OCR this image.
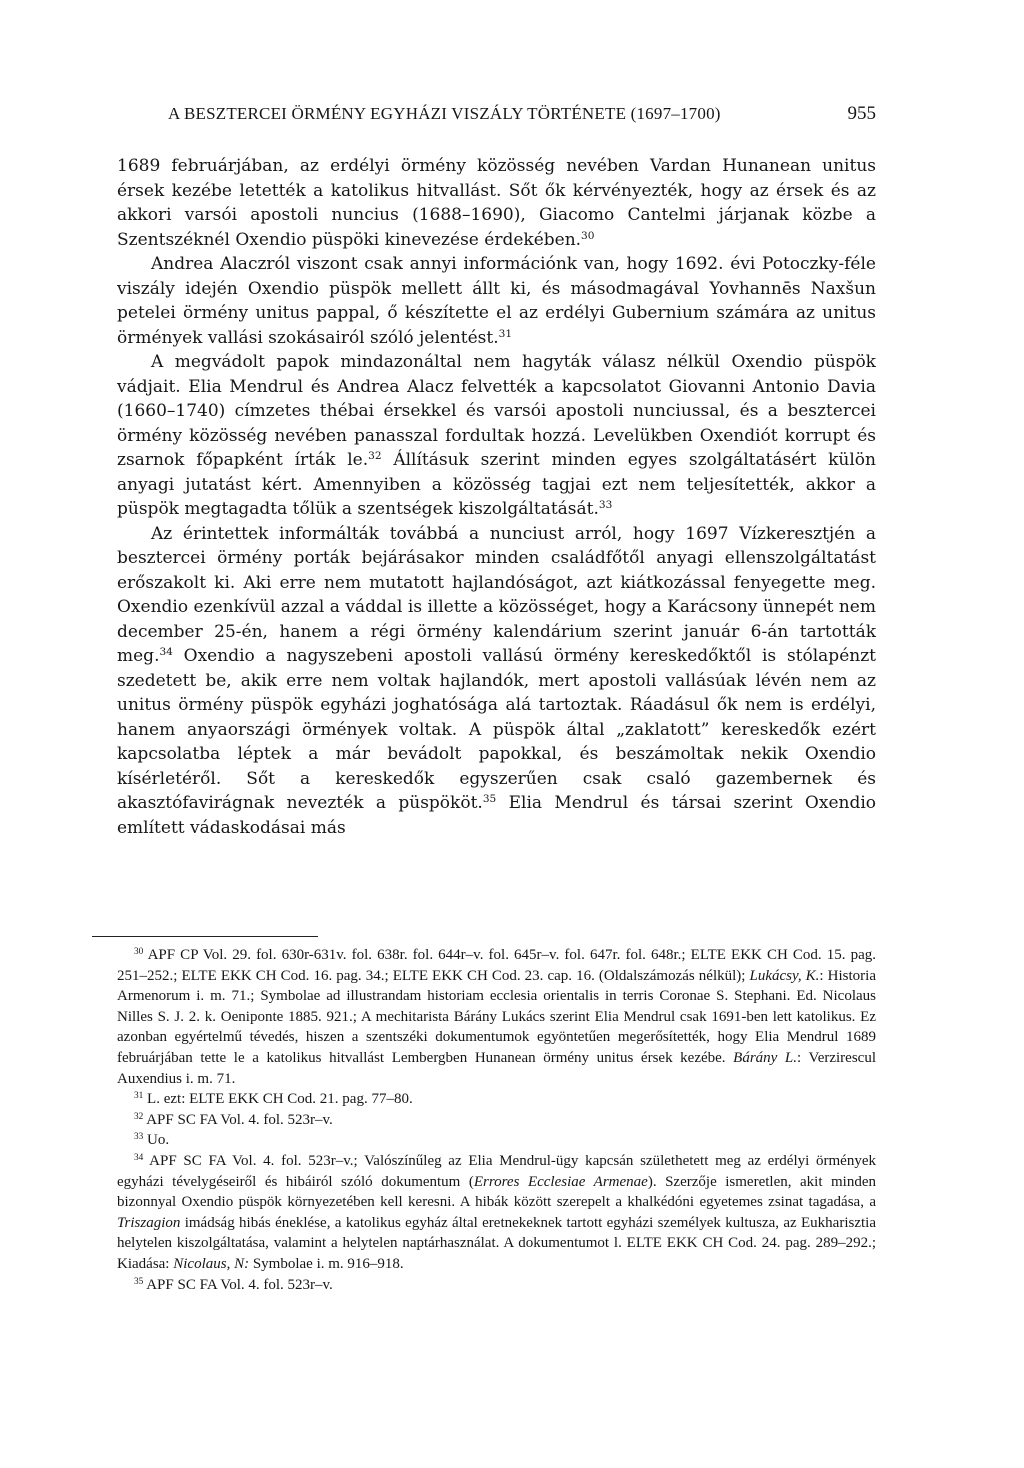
A BESZTERCEI ÖRMÉNY EGYHÁZI VISZÁLY TÖRTÉNETE (1697–1700)	955

1689 februárjában, az erdélyi örmény közösség nevében Vardan Hunanean unitus érsek kezébe letették a katolikus hitvallást. Sőt ők kérvényezték, hogy az érsek és az akkori varsói apostoli nuncius (1688–1690), Giacomo Cantelmi járjanak közbe a Szentszéknél Oxendio püspöki kinevezése érdekében.$^{30}$

Andrea Alaczról viszont csak annyi információnk van, hogy 1692. évi Potoczky-féle viszály idején Oxendio püspök mellett állt ki, és másodmagával Yovhannēs Naxšun petelei örmény unitus pappal, ő készítette el az erdélyi Gubernium számára az unitus örmények vallási szokásairól szóló jelentést.$^{31}$

A megvádolt papok mindazonáltal nem hagyták válasz nélkül Oxendio püspök vádjait. Elia Mendrul és Andrea Alacz felvették a kapcsolatot Giovanni Antonio Davia (1660–1740) címzetes thébai érsekkel és varsói apostoli nunciussal, és a besztercei örmény közösség nevében panasszal fordultak hozzá. Levelükben Oxendiót korrupt és zsarnok főpapként írták le.$^{32}$ Állításuk szerint minden egyes szolgáltatásért külön anyagi jutatást kért. Amennyiben a közösség tagjai ezt nem teljesítették, akkor a püspök megtagadta tőlük a szentségek kiszolgáltatását.$^{33}$

Az érintettek informálták továbbá a nunciust arról, hogy 1697 Vízkeresztjén a besztercei örmény porták bejárásakor minden családfőtől anyagi ellenszolgáltatást erőszakolt ki. Aki erre nem mutatott hajlandóságot, azt kiátkozással fenyegette meg. Oxendio ezenkívül azzal a váddal is illette a közösséget, hogy a Karácsony ünnepét nem december 25-én, hanem a régi örmény kalendárium szerint január 6-án tartották meg.$^{34}$ Oxendio a nagyszebeni apostoli vallású örmény kereskedőktől is stólapénzt szedetett be, akik erre nem voltak hajlandók, mert apostoli vallásúak lévén nem az unitus örmény püspök egyházi joghatósága alá tartoztak. Ráadásul ők nem is erdélyi, hanem anyaországi örmények voltak. A püspök által „zaklatott” kereskedők ezért kapcsolatba léptek a már bevádolt papokkal, és beszámoltak nekik Oxendio kísérletéről. Sőt a kereskedők egyszerűen csak csaló gazembernek és akasztófavirágnak nevezték a püspököt.$^{35}$ Elia Mendrul és társai szerint Oxendio említett vádaskodásai más

$^{30}$ APF CP Vol. 29. fol. 630r-631v. fol. 638r. fol. 644r–v. fol. 645r–v. fol. 647r. fol. 648r.; ELTE EKK CH Cod. 15. pag. 251–252.; ELTE EKK CH Cod. 16. pag. 34.; ELTE EKK CH Cod. 23. cap. 16. (Oldalszámozás nélkül); Lukácsy, K.: Historia Armenorum i. m. 71.; Symbolae ad illustrandam historiam ecclesia orientalis in terris Coronae S. Stephani. Ed. Nicolaus Nilles S. J. 2. k. Oeniponte 1885. 921.; A mechitarista Bárány Lukács szerint Elia Mendrul csak 1691-ben lett katolikus. Ez azonban egyértelmű tévedés, hiszen a szentszéki dokumentumok egyöntetűen megerősítették, hogy Elia Mendrul 1689 februárjában tette le a katolikus hitvallást Lembergben Hunanean örmény unitus érsek kezébe. Bárány L.: Verzirescul Auxendius i. m. 71.

$^{31}$ L. ezt: ELTE EKK CH Cod. 21. pag. 77–80.

$^{32}$ APF SC FA Vol. 4. fol. 523r–v.

$^{33}$ Uo.

$^{34}$ APF SC FA Vol. 4. fol. 523r–v.; Valószínűleg az Elia Mendrul-ügy kapcsán születhetett meg az erdélyi örmények egyházi tévelygéseiről és hibáiról szóló dokumentum (Errores Ecclesiae Armenae). Szerzője ismeretlen, akit minden bizonnyal Oxendio püspök környezetében kell keresni. A hibák között szerepelt a khalkédóni egyetemes zsinat tagadása, a Triszagion imádság hibás éneklése, a katolikus egyház által eretnekeknek tartott egyházi személyek kultusza, az Eukharisztia helytelen kiszolgáltatása, valamint a helytelen naptárhasználat. A dokumentumot l. ELTE EKK CH Cod. 24. pag. 289–292.; Kiadása: Nicolaus, N: Symbolae i. m. 916–918.

$^{35}$ APF SC FA Vol. 4. fol. 523r–v.
